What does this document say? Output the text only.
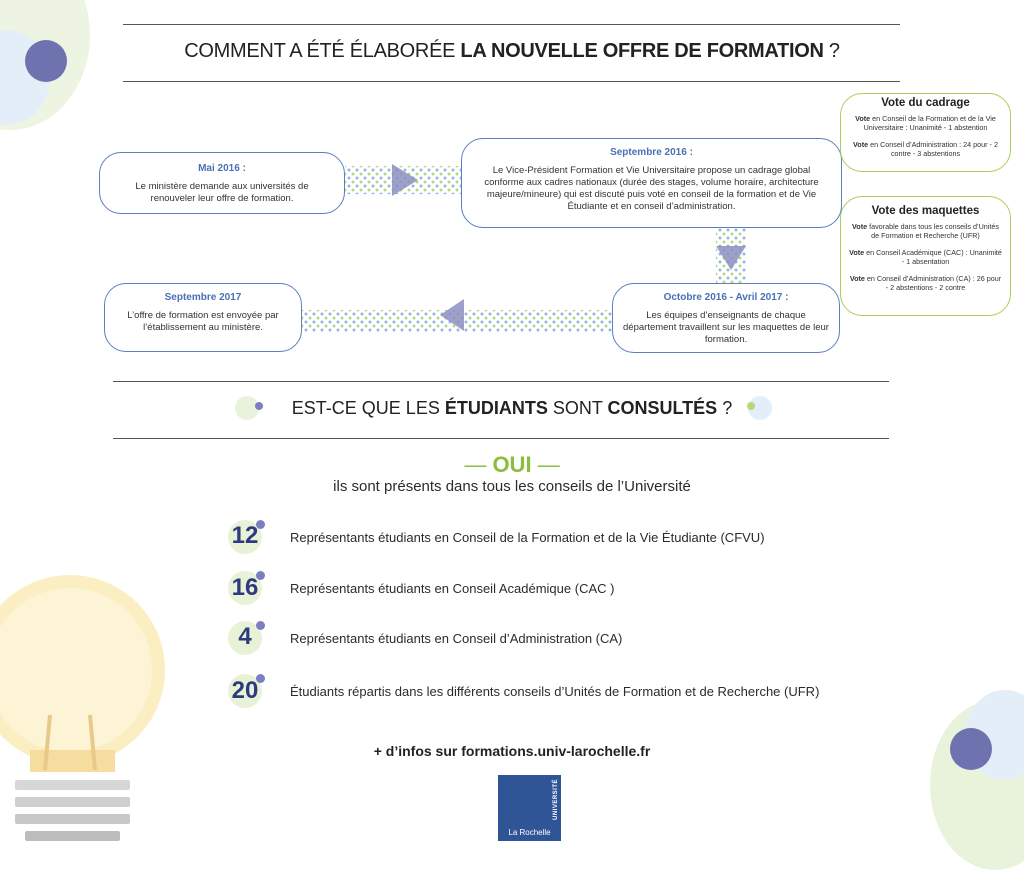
COMMENT A ÉTÉ ÉLABORÉE LA NOUVELLE OFFRE DE FORMATION ?
Mai 2016 :
Le ministère demande aux universités de renouveler leur offre de formation.
Septembre 2016 :
Le Vice-Président Formation et Vie Universitaire propose un cadrage global conforme aux cadres nationaux (durée des stages, volume horaire, architecture majeure/mineure) qui est discuté puis voté en conseil de la formation et de Vie Étudiante et en conseil d’administration.
Octobre 2016 - Avril 2017 :
Les équipes d’enseignants de chaque département travaillent sur les maquettes de leur formation.
Septembre 2017
L’offre de formation est envoyée par l’établissement au ministère.
Vote du cadrage

Vote en Conseil de la Formation et de la Vie Universitaire : Unanimité - 1 abstention

Vote en Conseil d’Administration : 24 pour - 2 contre - 3 abstentions

Vote des maquettes

Vote favorable dans tous les conseils d’Unités de Formation et Recherche (UFR)

Vote en Conseil Académique (CAC) : Unanimité - 1 absentation

Vote en Conseil d’Administration (CA) : 26 pour - 2 abstentions - 2 contre

EST-CE QUE LES ÉTUDIANTS SONT CONSULTÉS ?
— OUI —
ils sont présents dans tous les conseils de l’Université
12	Représentants étudiants en Conseil de la Formation et de la Vie Étudiante (CFVU)
16	Représentants étudiants en Conseil Académique (CAC )
4	Représentants étudiants en Conseil d’Administration (CA)
20	Étudiants répartis dans les différents conseils d’Unités de Formation et de Recherche (UFR)
+ d’infos sur formations.univ-larochelle.fr
UNIVERSITÉ
La Rochelle
